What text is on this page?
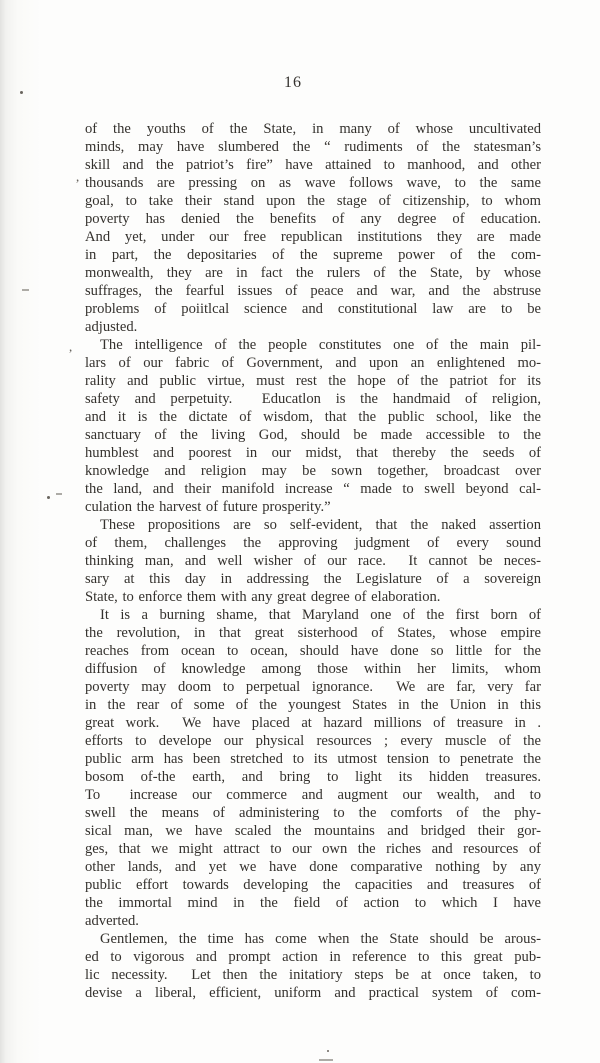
16
of the youths of the State, in many of whose uncultivated
minds, may have slumbered the “ rudiments of the statesman’s
skill and the patriot’s fire” have attained to manhood, and other
thousands are pressing on as wave follows wave, to the same
goal, to take their stand upon the stage of citizenship, to whom
poverty has denied the benefits of any degree of education.
And yet, under our free republican institutions they are made
in part, the depositaries of the supreme power of the com-
monwealth, they are in fact the rulers of the State, by whose
suffrages, the fearful issues of peace and war, and the abstruse
problems of poiitlcal science and constitutional law are to be
adjusted.
The intelligence of the people constitutes one of the main pil-
lars of our fabric of Government, and upon an enlightened mo-
rality and public virtue, must rest the hope of the patriot for its
safety and perpetuity.  Educatlon is the handmaid of religion,
and it is the dictate of wisdom, that the public school, like the
sanctuary of the living God, should be made accessible to the
humblest and poorest in our midst, that thereby the seeds of
knowledge and religion may be sown together, broadcast over
the land, and their manifold increase “ made to swell beyond cal-
culation the harvest of future prosperity.”
These propositions are so self-evident, that the naked assertion
of them, challenges the approving judgment of every sound
thinking man, and well wisher of our race.  It cannot be neces-
sary at this day in addressing the Legislature of a sovereign
State, to enforce them with any great degree of elaboration.
It is a burning shame, that Maryland one of the first born of
the revolution, in that great sisterhood of States, whose empire
reaches from ocean to ocean, should have done so little for the
diffusion of knowledge among those within her limits, whom
poverty may doom to perpetual ignorance.  We are far, very far
in the rear of some of the youngest States in the Union in this
great work.  We have placed at hazard millions of treasure in .
efforts to develope our physical resources ; every muscle of the
public arm has been stretched to its utmost tension to penetrate the
bosom of-the earth, and bring to light its hidden treasures.
To  increase our commerce and augment our wealth, and to
swell the means of administering to the comforts of the phy-
sical man, we have scaled the mountains and bridged their gor-
ges, that we might attract to our own the riches and resources of
other lands, and yet we have done comparative nothing by any
public effort towards developing the capacities and treasures of
the immortal mind in the field of action to which I have
adverted.
Gentlemen, the time has come when the State should be arous-
ed to vigorous and prompt action in reference to this great pub-
lic necessity.  Let then the initatiory steps be at once taken, to
devise a liberal, efficient, uniform and practical system of com-
,
,
